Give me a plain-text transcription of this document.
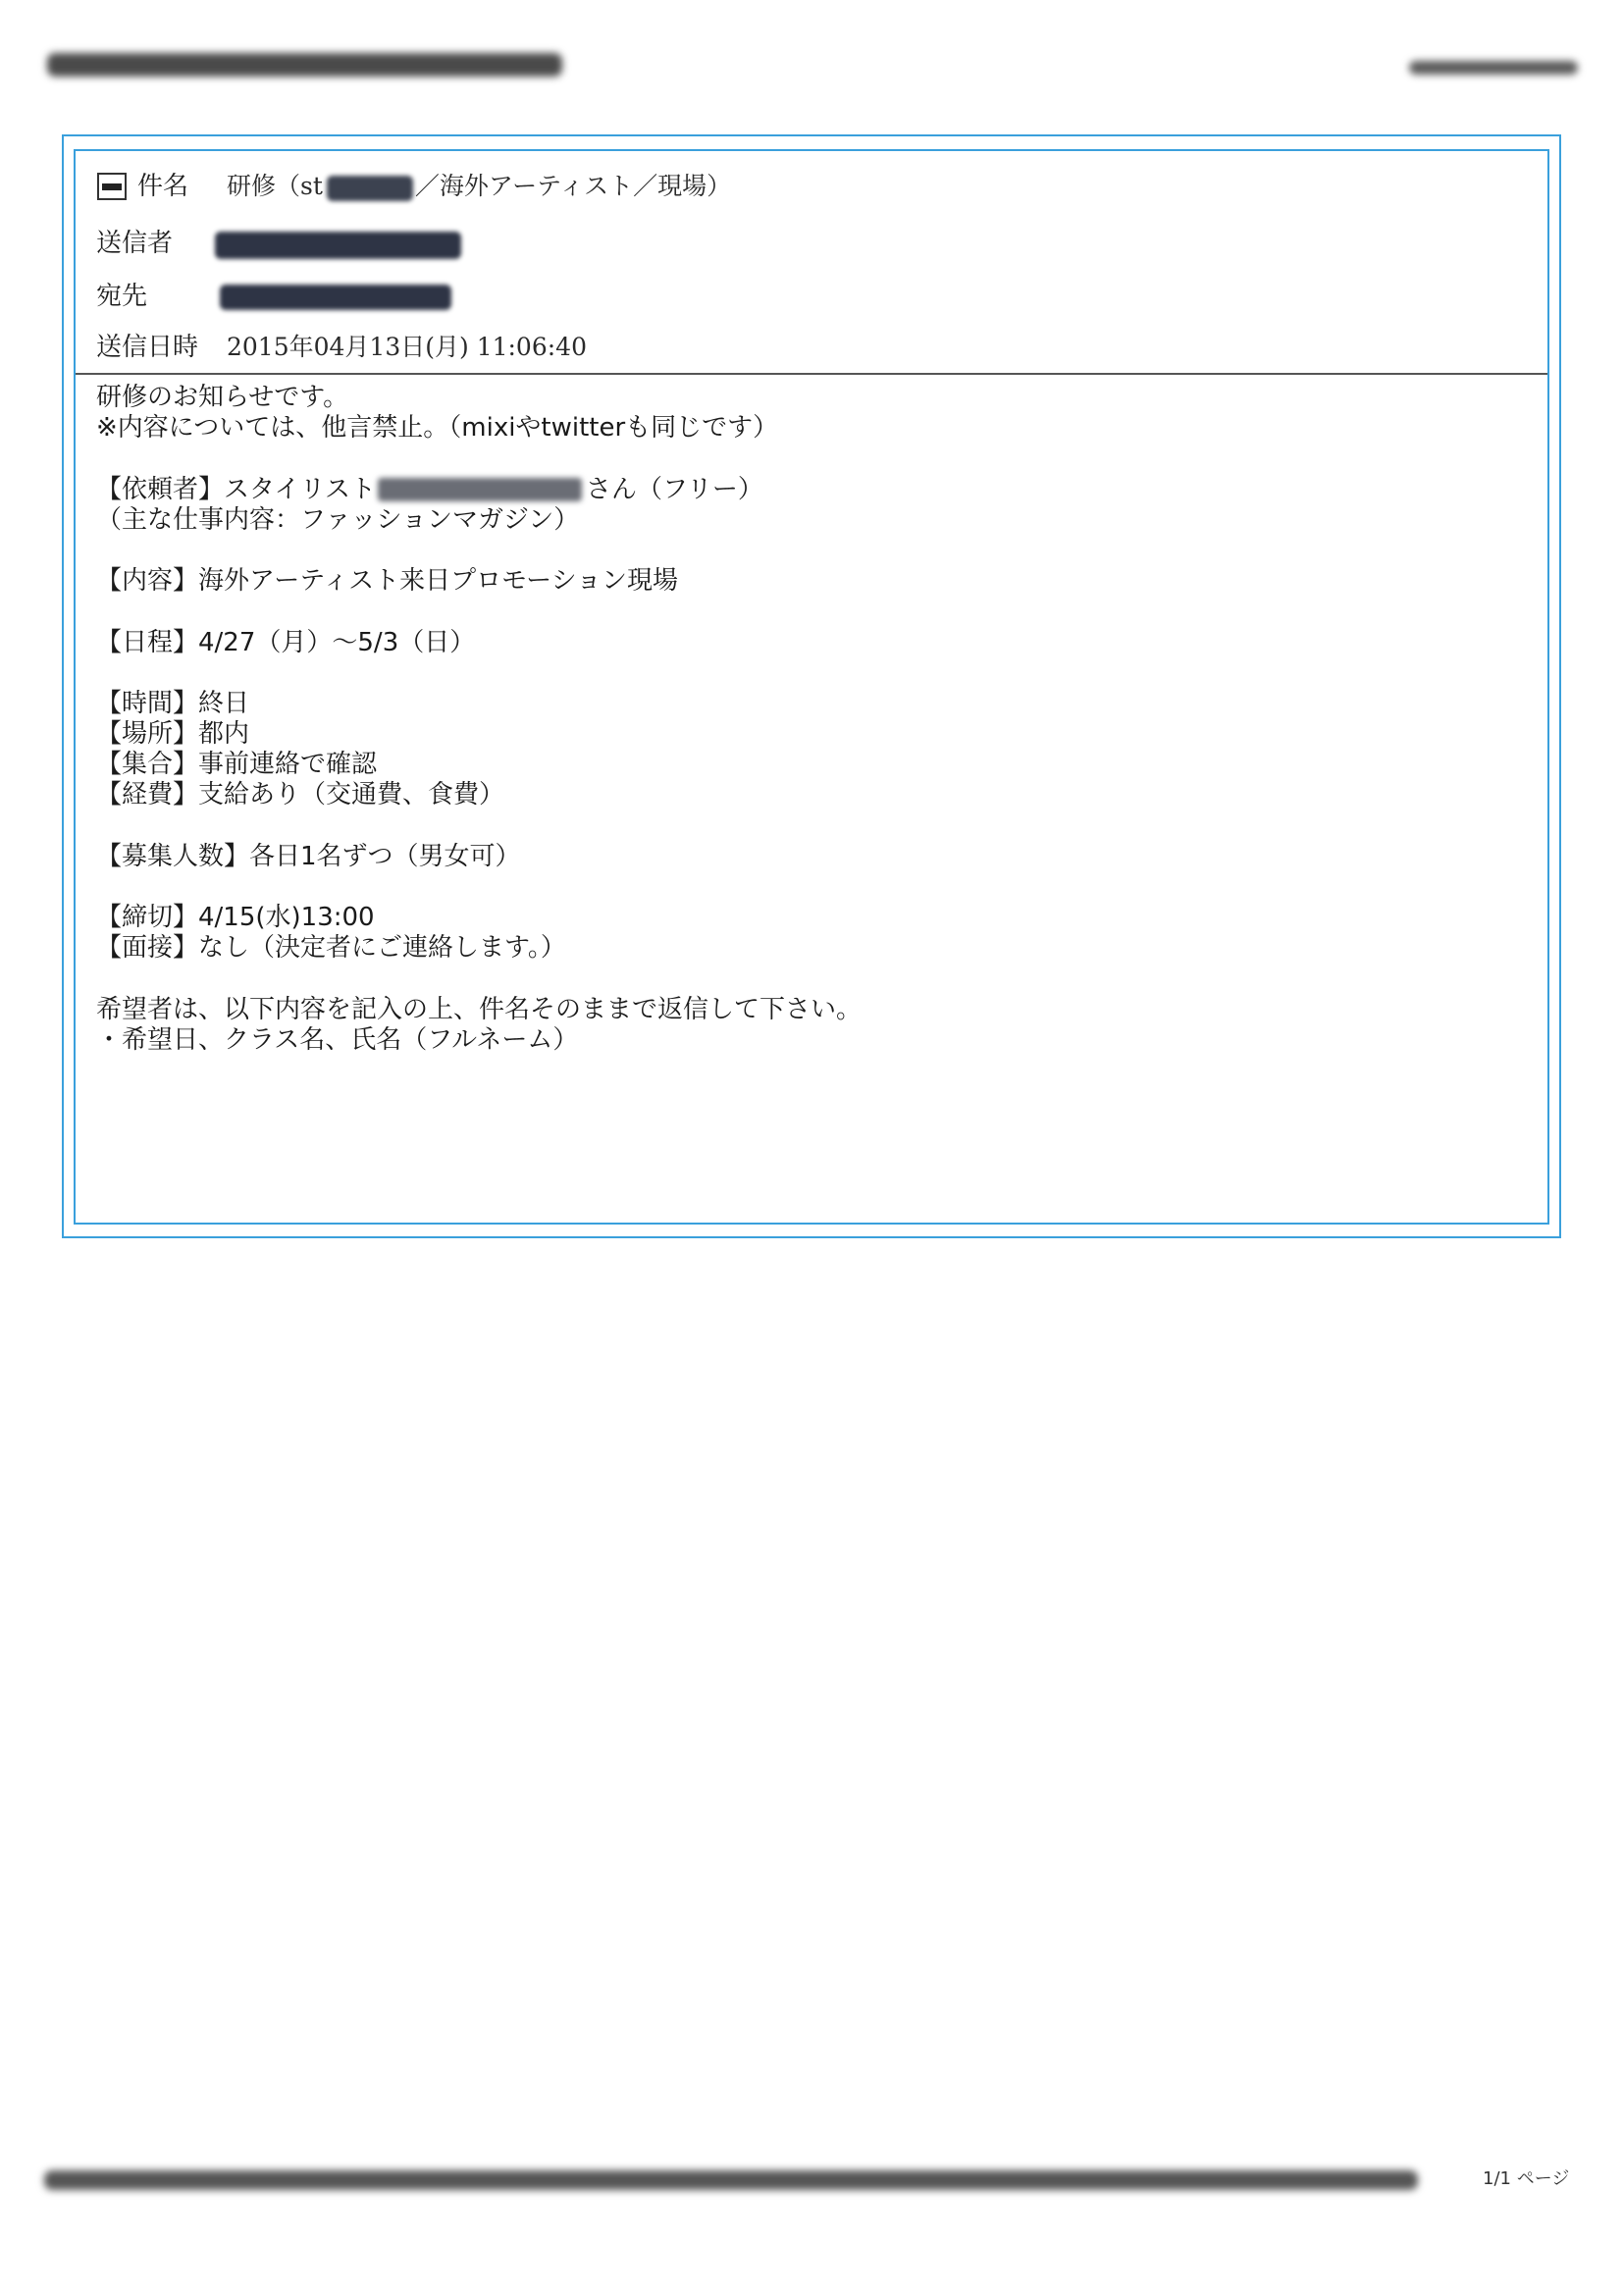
件名 研修（st	／海外アーティスト／現場）
送信者
宛先
送信日時 2015年04月13日(月) 11:06:40
研修のお知らせです。
※内容については、他言禁止。（mixiやtwitterも同じです）
【依頼者】スタイリスト	さん（フリー）
（主な仕事内容：ファッションマガジン）
【内容】海外アーティスト来日プロモーション現場
【日程】4/27（月）～5/3（日）
【時間】終日
【場所】都内
【集合】事前連絡で確認
【経費】支給あり（交通費、食費）
【募集人数】各日1名ずつ（男女可）
【締切】4/15(水)13:00
【面接】なし（決定者にご連絡します。）
希望者は、以下内容を記入の上、件名そのままで返信して下さい。
・希望日、クラス名、氏名（フルネーム）
1/1 ページ
